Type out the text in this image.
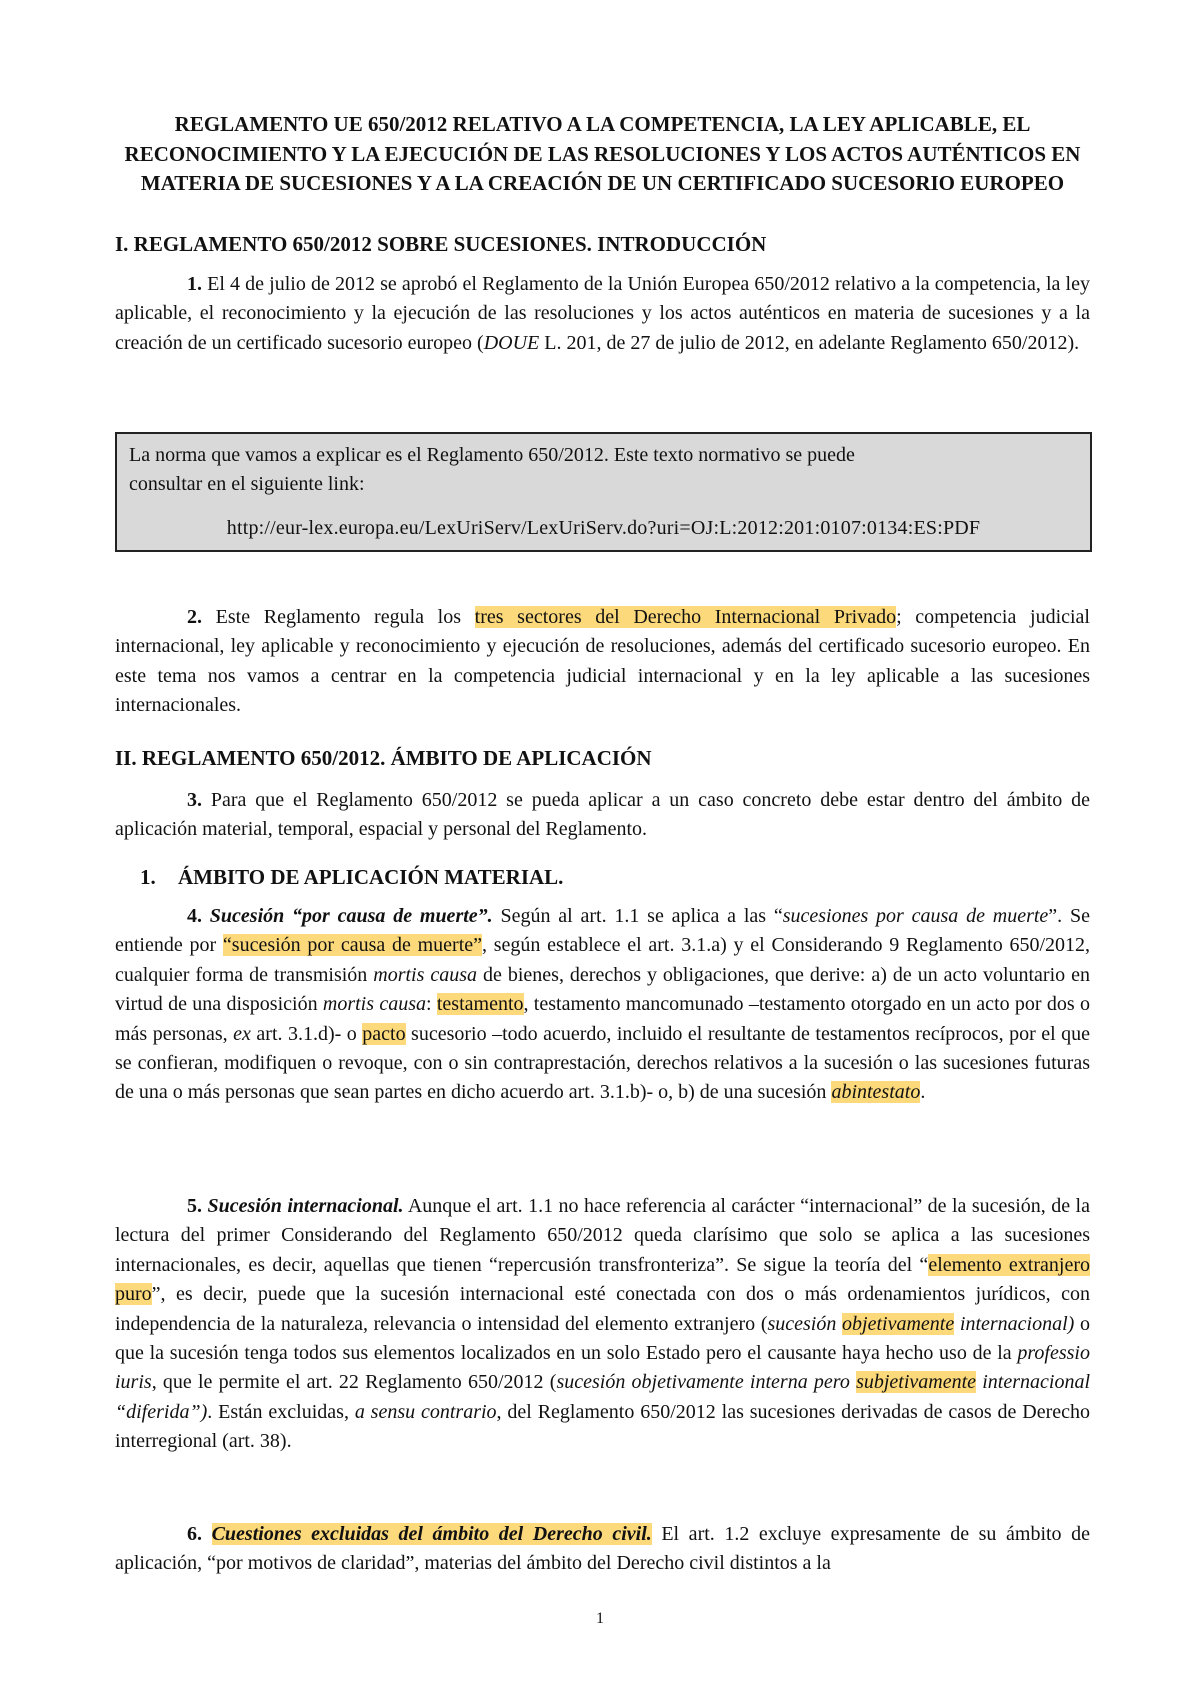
REGLAMENTO UE 650/2012 RELATIVO A LA COMPETENCIA, LA LEY APLICABLE, EL RECONOCIMIENTO Y LA EJECUCIÓN DE LAS RESOLUCIONES Y LOS ACTOS AUTÉNTICOS EN MATERIA DE SUCESIONES Y A LA CREACIÓN DE UN CERTIFICADO SUCESORIO EUROPEO

I. REGLAMENTO 650/2012 SOBRE SUCESIONES. INTRODUCCIÓN

1. El 4 de julio de 2012 se aprobó el Reglamento de la Unión Europea 650/2012 relativo a la competencia, la ley aplicable, el reconocimiento y la ejecución de las resoluciones y los actos auténticos en materia de sucesiones y a la creación de un certificado sucesorio europeo (DOUE L. 201, de 27 de julio de 2012, en adelante Reglamento 650/2012).

La norma que vamos a explicar es el Reglamento 650/2012. Este texto normativo se puede

consultar en el siguiente link:

http://eur-lex.europa.eu/LexUriServ/LexUriServ.do?uri=OJ:L:2012:201:0107:0134:ES:PDF

2. Este Reglamento regula los tres sectores del Derecho Internacional Privado; competencia judicial internacional, ley aplicable y reconocimiento y ejecución de resoluciones, además del certificado sucesorio europeo. En este tema nos vamos a centrar en la competencia judicial internacional y en la ley aplicable a las sucesiones internacionales.

II. REGLAMENTO 650/2012. ÁMBITO DE APLICACIÓN

3. Para que el Reglamento 650/2012 se pueda aplicar a un caso concreto debe estar dentro del ámbito de aplicación material, temporal, espacial y personal del Reglamento.

1. ÁMBITO DE APLICACIÓN MATERIAL.

4. Sucesión “por causa de muerte”. Según al art. 1.1 se aplica a las “sucesiones por causa de muerte”. Se entiende por “sucesión por causa de muerte”, según establece el art. 3.1.a) y el Considerando 9 Reglamento 650/2012, cualquier forma de transmisión mortis causa de bienes, derechos y obligaciones, que derive: a) de un acto voluntario en virtud de una disposición mortis causa: testamento, testamento mancomunado –testamento otorgado en un acto por dos o más personas, ex art. 3.1.d)- o pacto sucesorio –todo acuerdo, incluido el resultante de testamentos recíprocos, por el que se confieran, modifiquen o revoque, con o sin contraprestación, derechos relativos a la sucesión o las sucesiones futuras de una o más personas que sean partes en dicho acuerdo art. 3.1.b)- o, b) de una sucesión abintestato.

5. Sucesión internacional. Aunque el art. 1.1 no hace referencia al carácter “internacional” de la sucesión, de la lectura del primer Considerando del Reglamento 650/2012 queda clarísimo que solo se aplica a las sucesiones internacionales, es decir, aquellas que tienen “repercusión transfronteriza”. Se sigue la teoría del “elemento extranjero puro”, es decir, puede que la sucesión internacional esté conectada con dos o más ordenamientos jurídicos, con independencia de la naturaleza, relevancia o intensidad del elemento extranjero (sucesión objetivamente internacional) o que la sucesión tenga todos sus elementos localizados en un solo Estado pero el causante haya hecho uso de la professio iuris, que le permite el art. 22 Reglamento 650/2012 (sucesión objetivamente interna pero subjetivamente internacional “diferida”). Están excluidas, a sensu contrario, del Reglamento 650/2012 las sucesiones derivadas de casos de Derecho interregional (art. 38).

6. Cuestiones excluidas del ámbito del Derecho civil. El art. 1.2 excluye expresamente de su ámbito de aplicación, “por motivos de claridad”, materias del ámbito del Derecho civil distintos a la

1
